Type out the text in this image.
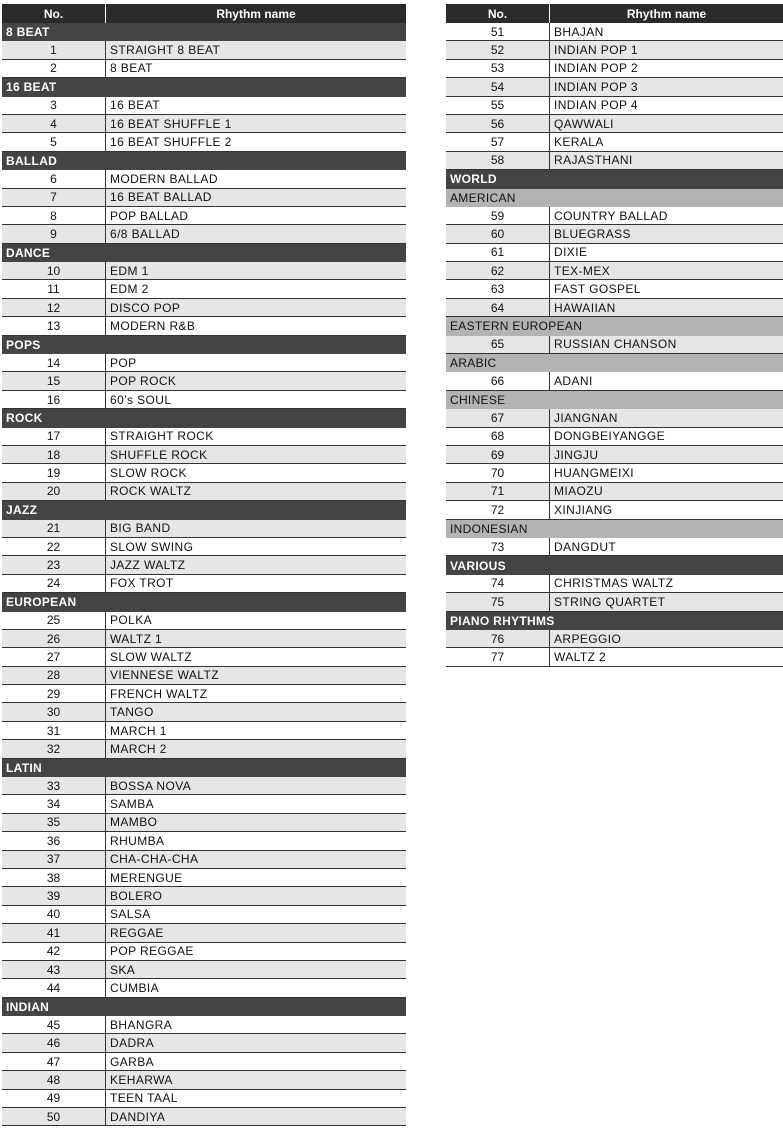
No.	Rhythm name
8 BEAT
1	STRAIGHT 8 BEAT
2	8 BEAT
16 BEAT
3	16 BEAT
4	16 BEAT SHUFFLE 1
5	16 BEAT SHUFFLE 2
BALLAD
6	MODERN BALLAD
7	16 BEAT BALLAD
8	POP BALLAD
9	6/8 BALLAD
DANCE
10	EDM 1
11	EDM 2
12	DISCO POP
13	MODERN R&B
POPS
14	POP
15	POP ROCK
16	60’s SOUL
ROCK
17	STRAIGHT ROCK
18	SHUFFLE ROCK
19	SLOW ROCK
20	ROCK WALTZ
JAZZ
21	BIG BAND
22	SLOW SWING
23	JAZZ WALTZ
24	FOX TROT
EUROPEAN
25	POLKA
26	WALTZ 1
27	SLOW WALTZ
28	VIENNESE WALTZ
29	FRENCH WALTZ
30	TANGO
31	MARCH 1
32	MARCH 2
LATIN
33	BOSSA NOVA
34	SAMBA
35	MAMBO
36	RHUMBA
37	CHA-CHA-CHA
38	MERENGUE
39	BOLERO
40	SALSA
41	REGGAE
42	POP REGGAE
43	SKA
44	CUMBIA
INDIAN
45	BHANGRA
46	DADRA
47	GARBA
48	KEHARWA
49	TEEN TAAL
50	DANDIYA
No.	Rhythm name
51	BHAJAN
52	INDIAN POP 1
53	INDIAN POP 2
54	INDIAN POP 3
55	INDIAN POP 4
56	QAWWALI
57	KERALA
58	RAJASTHANI
WORLD
AMERICAN
59	COUNTRY BALLAD
60	BLUEGRASS
61	DIXIE
62	TEX-MEX
63	FAST GOSPEL
64	HAWAIIAN
EASTERN EUROPEAN
65	RUSSIAN CHANSON
ARABIC
66	ADANI
CHINESE
67	JIANGNAN
68	DONGBEIYANGGE
69	JINGJU
70	HUANGMEIXI
71	MIAOZU
72	XINJIANG
INDONESIAN
73	DANGDUT
VARIOUS
74	CHRISTMAS WALTZ
75	STRING QUARTET
PIANO RHYTHMS
76	ARPEGGIO
77	WALTZ 2
